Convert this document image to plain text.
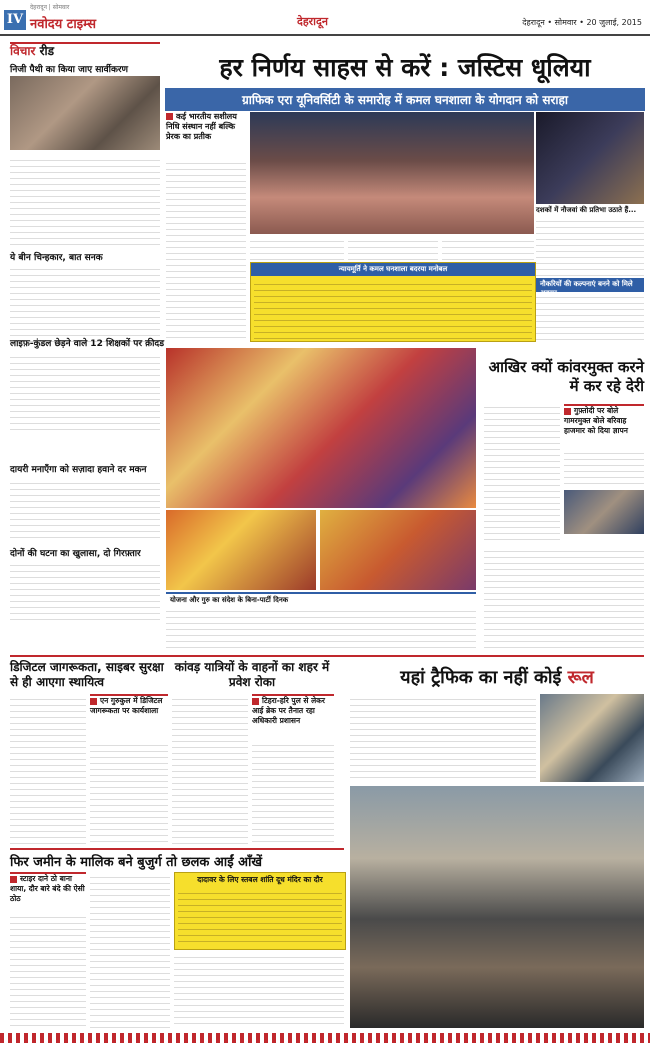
IV
देहरादून | सोमवार
नवोदय टाइम्स	देहरादून	देहरादून • सोमवार • 20 जुलाई, 2015
विचार रीड
निजी पैथी का किया जाए सार्वीकरण
ये बीन चिन्हकार, बात सनक
लाइफ़-कुंडल छेड़ने वाले 12 शिक्षकों पर क़ीदड
दायरी मनाएँगा को सज़ादा हवाने दर मकन
दोनों की घटना का खुलासा, दो गिरफ़्तार
हर निर्णय साहस से करें : जस्टिस धूलिया
ग्राफिक एरा यूनिवर्सिटी के समारोह में कमल घनशाला के योगदान को सराहा
कई भारतीय सशीलय निधि संस्थान नहीं बल्कि प्रेरक का प्रतीक
दशकों में नौजवां की प्रतिभा उठाते हैं...
नौकरियों की कल्पनाएं बनने को मिले
न्यायमूर्ति ने कमल घनशाला बदरया मनोबल
योजना और गुरु का संदेश के बिना-पार्टी दिनक
आखिर क्यों कांवरमुक्त करने में कर रहे देरी
गुफ़्तोदी पर बोले गामरमुक्त बोले बरिवाह हाजमार को दिया ज्ञापन
डिजिटल जागरूकता, साइबर सुरक्षा से ही आएगा स्थायित्व
कांवड़ यात्रियों के वाहनों का शहर में प्रवेश रोका	यहां ट्रैफिक का नहीं कोई रूल
एन गुरुकुल में डिजिटल जागरूकता पर कार्यशाला
टिहरा-हरि पुल से लेकर आई ब्रेक पर तैनात रहा अधिकारी प्रशासन
फिर जमीन के मालिक बने बुजुर्ग तो छलक आईं आँखें
स्टाइर दाने ठो बाना शाया, दौर बारे बंदे की ऐसी ठोठ
दादावर के लिए स्तबल शांति दूध मंदिर का दौर
